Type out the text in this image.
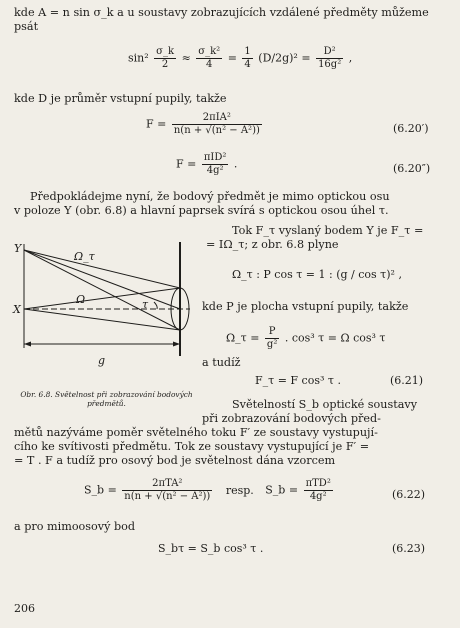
kde A = n sin σ_k a u soustavy zobrazujících vzdálené předměty můžeme
psát
$\sin^2 \frac{\sigma\_k}{2} \approx \frac{\text{σ\_k²}}{4} = \frac{1}{4} (D/2g)^2 = \frac{\text{D²}}{\text{16g²}}$ ,
kde D je průměr vstupní pupily, takže
$F = \frac{\text{2πIA²}}{\text{n(n + √(n² − A²))}}$	(6.20′)
$F = \frac{\text{πID²}}{\text{4g²}}$ .	(6.20″)
Předpokládejme nyní, že bodový předmět je mimo optickou osu
v poloze Y (obr. 6.8) a hlavní paprsek svírá s optickou osou úhel τ.
Tok F_τ vyslaný bodem Y je F_τ =
= IΩ_τ; z obr. 6.8 plyne
Ω_τ : P cos τ = 1 : (g / cos τ)² ,
kde P je plocha vstupní pupily, takže
Ω_τ = $\frac{P}{\text{g²}}$ . cos³ τ = Ω cos³ τ
a tudíž
F_τ = F cos³ τ .	(6.21)
Y
X
Ω_τ
Ω	τ
g
Obr. 6.8. Světelnost při zobrazování bodových předmětů.	Světelností S_b optické soustavy
při zobrazování bodových před-
mětů nazýváme poměr světelného toku F′ ze soustavy vystupují-
cího ke svítivosti předmětu. Tok ze soustavy vystupující je F′ =
= T . F a tudíž pro osový bod je světelnost dána vzorcem
S_b = $\frac{\text{2πTA²}}{\text{n(n + √(n² − A²))}}$ resp. S_b = $\frac{\text{πTD²}}{\text{4g²}}$	(6.22)
a pro mimoosový bod
S_bτ = S_b cos³ τ .	(6.23)
206
